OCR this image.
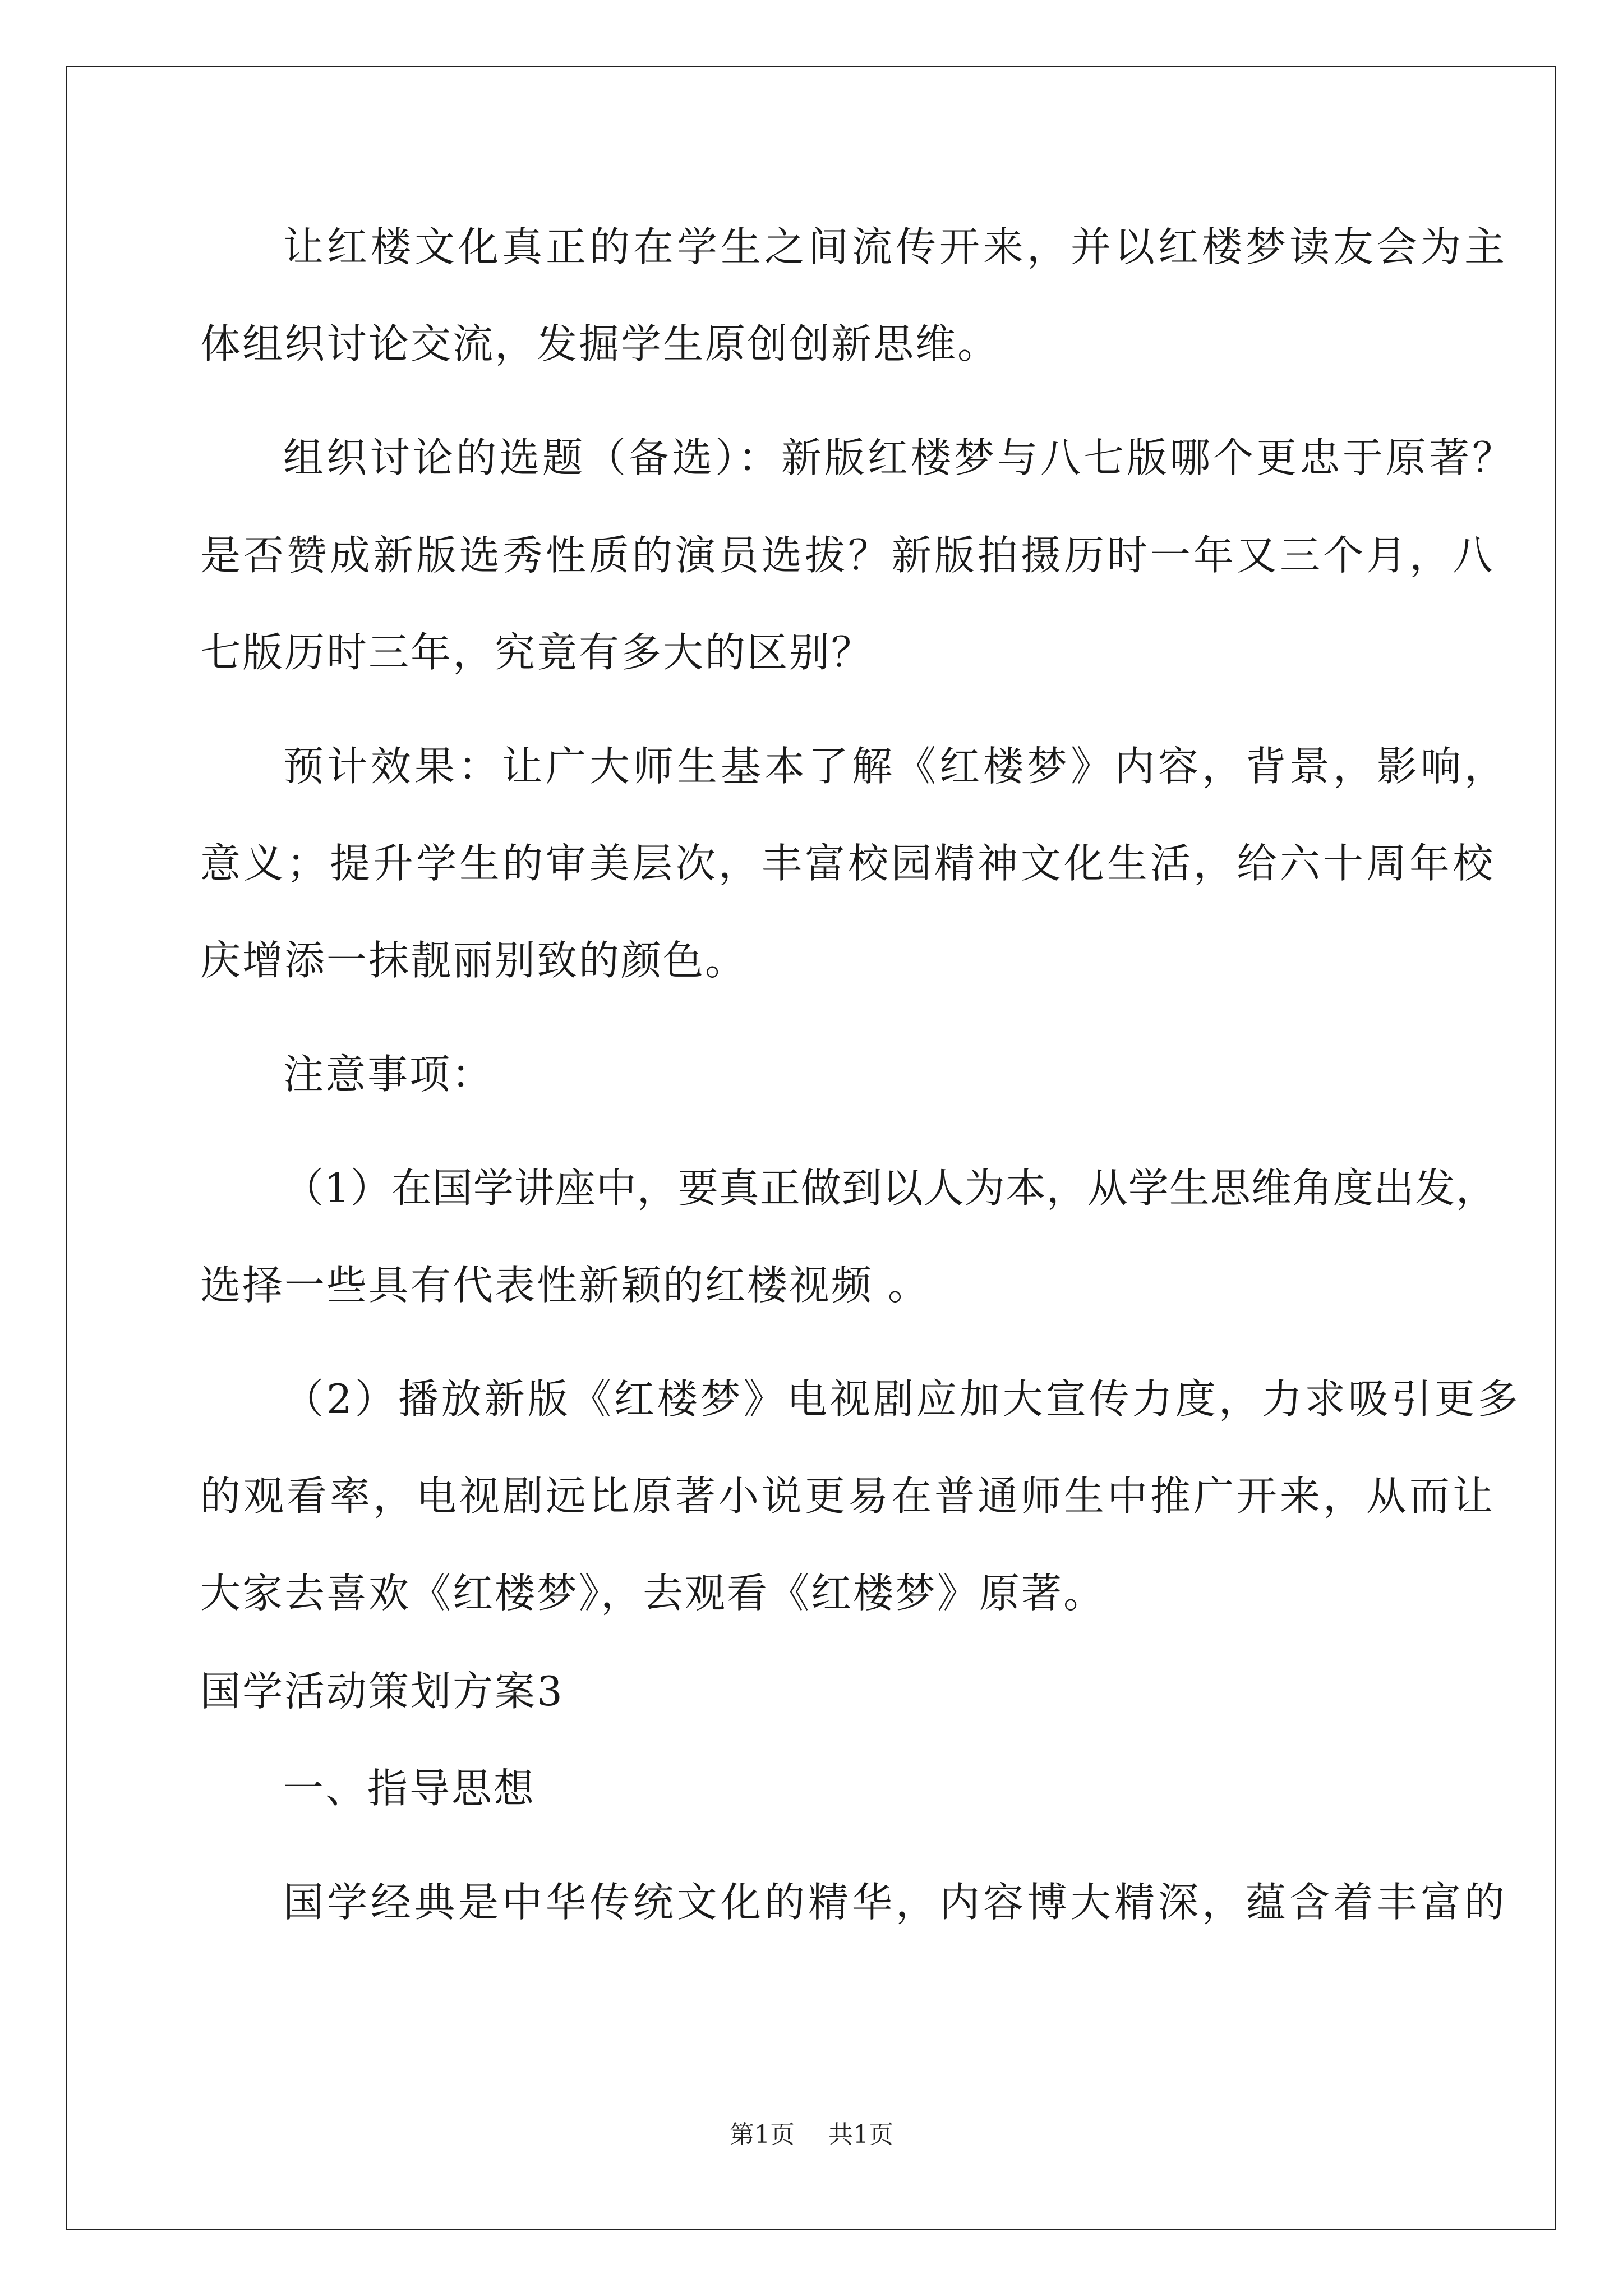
让红楼文化真正的在学生之间流传开来，并以红楼梦读友会为主
体组织讨论交流，发掘学生原创创新思维。
组织讨论的选题（备选）：新版红楼梦与八七版哪个更忠于原著？
是否赞成新版选秀性质的演员选拔？新版拍摄历时一年又三个月，八
七版历时三年，究竟有多大的区别？
预计效果：让广大师生基本了解《红楼梦》内容，背景，影响，
意义；提升学生的审美层次，丰富校园精神文化生活，给六十周年校
庆增添一抹靓丽别致的颜色。
注意事项：
（1）在国学讲座中，要真正做到以人为本，从学生思维角度出发，
选择一些具有代表性新颖的红楼视频 。
（2）播放新版《红楼梦》电视剧应加大宣传力度，力求吸引更多
的观看率，电视剧远比原著小说更易在普通师生中推广开来，从而让
大家去喜欢《红楼梦》，去观看《红楼梦》原著。
国学活动策划方案3
一、指导思想
国学经典是中华传统文化的精华，内容博大精深，蕴含着丰富的
第1页 共1页
